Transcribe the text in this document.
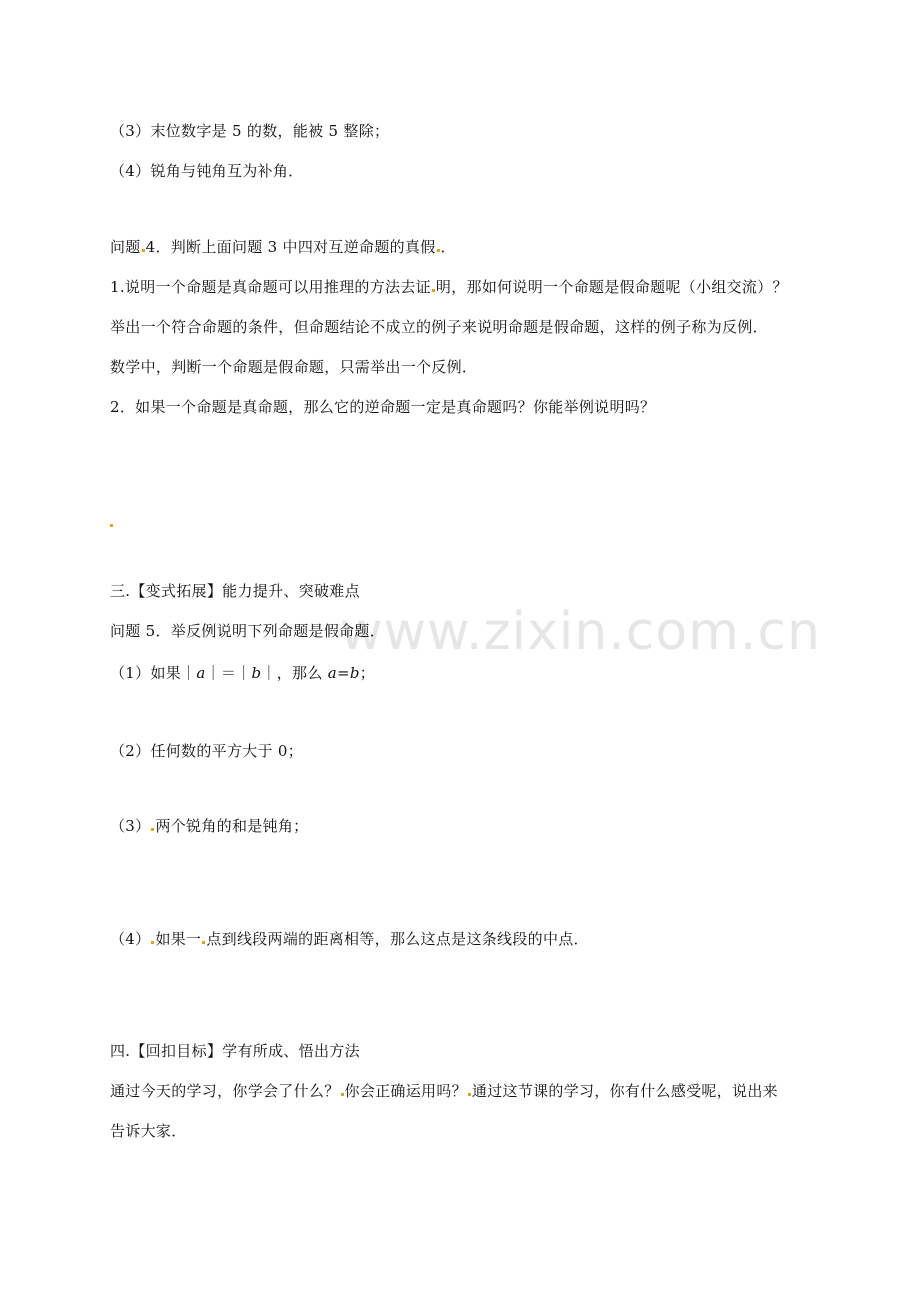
www.zixin.com.cn
（3）末位数字是 5 的数，能被 5 整除；
（4）锐角与钝角互为补角．
问题 4．判断上面问题 3 中四对互逆命题的真假 ．
1.说明一个命题是真命题可以用推理的方法去证 明，那如何说明一个命题是假命题呢（小组交流）？
举出一个符合命题的条件，但命题结论不成立的例子来说明命题是假命题，这样的例子称为反例．
数学中，判断一个命题是假命题，只需举出一个反例．
2．如果一个命题是真命题，那么它的逆命题一定是真命题吗？你能举例说明吗？
三.【变式拓展】能力提升、突破难点
问题 5．举反例说明下列命题是假命题．
（1）如果｜a｜＝｜b｜，那么 a=b；
（2）任何数的平方大于 0；
（3） 两个锐角的和是钝角；
（4） 如果一 点到线段两端的距离相等，那么这点是这条线段的中点．
四.【回扣目标】学有所成、悟出方法
通过今天的学习，你学会了什么？ 你会正确运用吗？ 通过这节课的学习，你有什么感受呢，说出来
告诉大家．
